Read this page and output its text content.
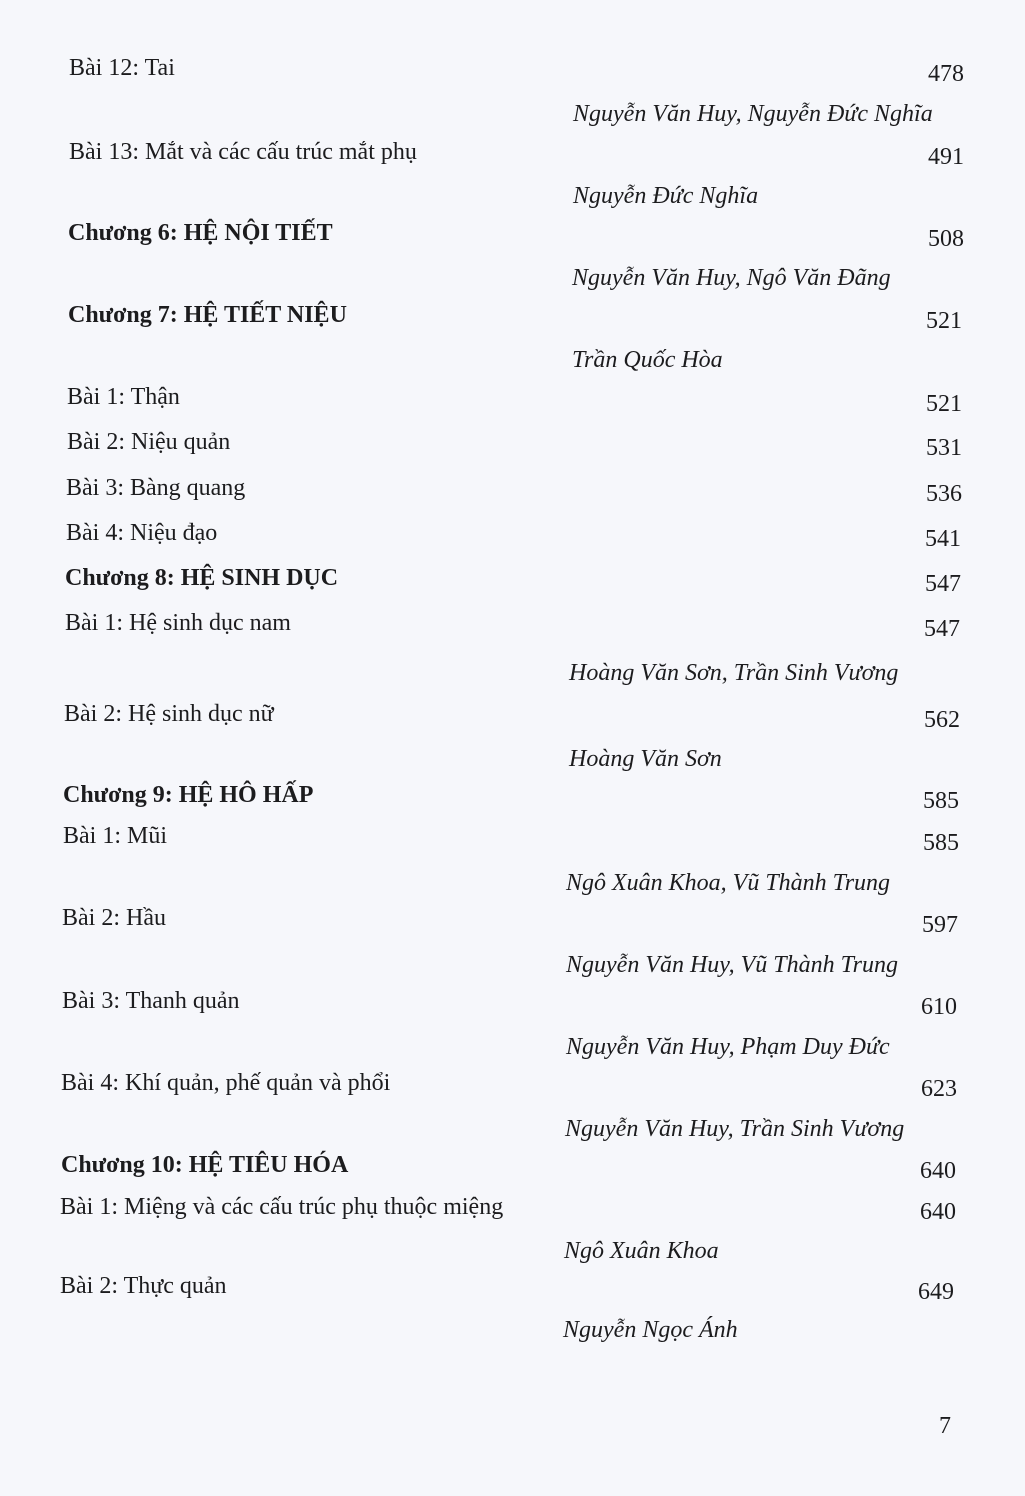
Bài 12: Tai	478
Nguyễn Văn Huy, Nguyễn Đức Nghĩa
Bài 13: Mắt và các cấu trúc mắt phụ	491
Nguyễn Đức Nghĩa
Chương 6: HỆ NỘI TIẾT	508
Nguyễn Văn Huy, Ngô Văn Đãng
Chương 7: HỆ TIẾT NIỆU	521
Trần Quốc Hòa
Bài 1: Thận	521
Bài 2: Niệu quản	531
Bài 3: Bàng quang	536
Bài 4: Niệu đạo	541
Chương 8: HỆ SINH DỤC	547
Bài 1: Hệ sinh dục nam	547
Hoàng Văn Sơn, Trần Sinh Vương
Bài 2: Hệ sinh dục nữ	562
Hoàng Văn Sơn
Chương 9: HỆ HÔ HẤP	585
Bài 1: Mũi	585
Ngô Xuân Khoa, Vũ Thành Trung
Bài 2: Hầu	597
Nguyễn Văn Huy, Vũ Thành Trung
Bài 3: Thanh quản	610
Nguyễn Văn Huy, Phạm Duy Đức
Bài 4: Khí quản, phế quản và phổi	623
Nguyễn Văn Huy, Trần Sinh Vương
Chương 10: HỆ TIÊU HÓA	640
Bài 1: Miệng và các cấu trúc phụ thuộc miệng	640
Ngô Xuân Khoa
Bài 2: Thực quản	649
Nguyễn Ngọc Ánh
7
